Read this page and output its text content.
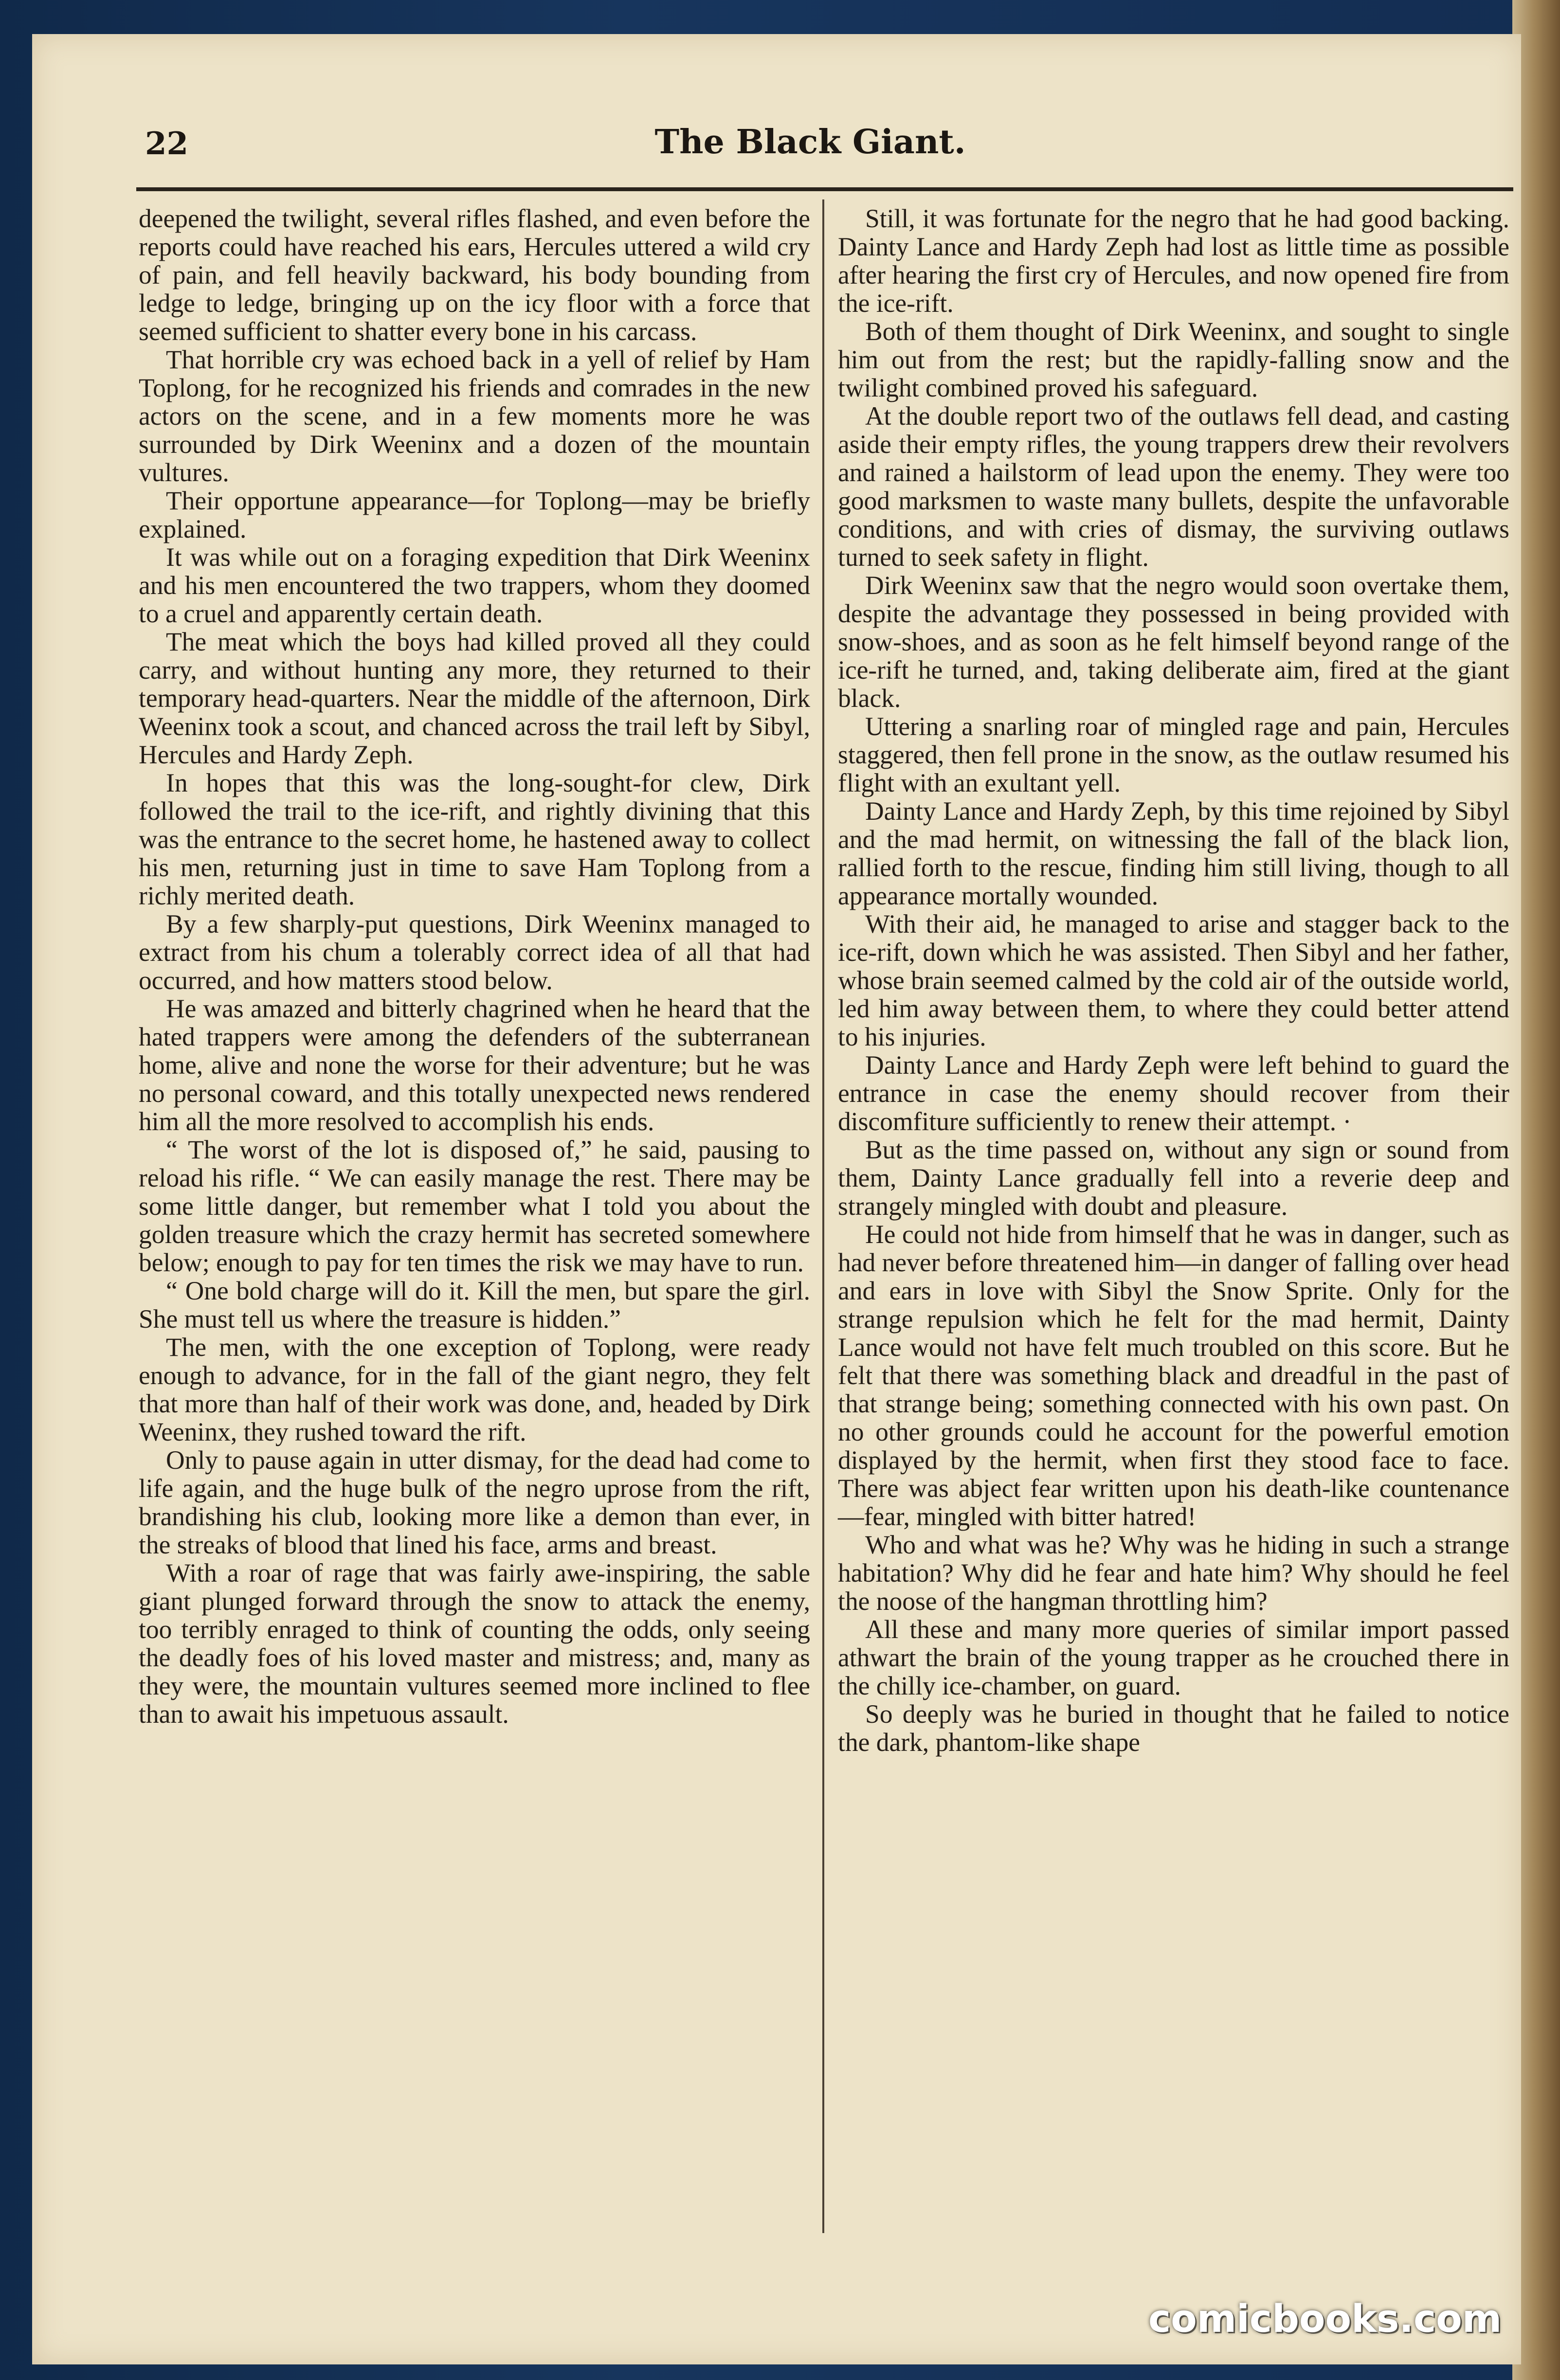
22	The Black Giant.

deepened the twilight, several rifles flashed, and even before the reports could have reached his ears, Hercules uttered a wild cry of pain, and fell heavily backward, his body bounding from ledge to ledge, bringing up on the icy floor with a force that seemed sufficient to shatter every bone in his carcass.

That horrible cry was echoed back in a yell of relief by Ham Toplong, for he recognized his friends and comrades in the new actors on the scene, and in a few moments more he was surrounded by Dirk Weeninx and a dozen of the mountain vultures.

Their opportune appearance—for Toplong—may be briefly explained.

It was while out on a foraging expedition that Dirk Weeninx and his men encountered the two trappers, whom they doomed to a cruel and apparently certain death.

The meat which the boys had killed proved all they could carry, and without hunting any more, they returned to their temporary head-quarters. Near the middle of the afternoon, Dirk Weeninx took a scout, and chanced across the trail left by Sibyl, Hercules and Hardy Zeph.

In hopes that this was the long-sought-for clew, Dirk followed the trail to the ice-rift, and rightly divining that this was the entrance to the secret home, he hastened away to collect his men, returning just in time to save Ham Toplong from a richly merited death.

By a few sharply-put questions, Dirk Weeninx managed to extract from his chum a tolerably correct idea of all that had occurred, and how matters stood below.

He was amazed and bitterly chagrined when he heard that the hated trappers were among the defenders of the subterranean home, alive and none the worse for their adventure; but he was no personal coward, and this totally unexpected news rendered him all the more resolved to accomplish his ends.

“ The worst of the lot is disposed of,” he said, pausing to reload his rifle. “ We can easily manage the rest. There may be some little danger, but remember what I told you about the golden treasure which the crazy hermit has secreted somewhere below; enough to pay for ten times the risk we may have to run.

“ One bold charge will do it. Kill the men, but spare the girl. She must tell us where the treasure is hidden.”

The men, with the one exception of Toplong, were ready enough to advance, for in the fall of the giant negro, they felt that more than half of their work was done, and, headed by Dirk Weeninx, they rushed toward the rift.

Only to pause again in utter dismay, for the dead had come to life again, and the huge bulk of the negro uprose from the rift, brandishing his club, looking more like a demon than ever, in the streaks of blood that lined his face, arms and breast.

With a roar of rage that was fairly awe-inspiring, the sable giant plunged forward through the snow to attack the enemy, too terribly enraged to think of counting the odds, only seeing the deadly foes of his loved master and mistress; and, many as they were, the mountain vultures seemed more inclined to flee than to await his impetuous assault.

Still, it was fortunate for the negro that he had good backing. Dainty Lance and Hardy Zeph had lost as little time as possible after hearing the first cry of Hercules, and now opened fire from the ice-rift.

Both of them thought of Dirk Weeninx, and sought to single him out from the rest; but the rapidly-falling snow and the twilight combined proved his safeguard.

At the double report two of the outlaws fell dead, and casting aside their empty rifles, the young trappers drew their revolvers and rained a hailstorm of lead upon the enemy. They were too good marksmen to waste many bullets, despite the unfavorable conditions, and with cries of dismay, the surviving outlaws turned to seek safety in flight.

Dirk Weeninx saw that the negro would soon overtake them, despite the advantage they possessed in being provided with snow-shoes, and as soon as he felt himself beyond range of the ice-rift he turned, and, taking deliberate aim, fired at the giant black.

Uttering a snarling roar of mingled rage and pain, Hercules staggered, then fell prone in the snow, as the outlaw resumed his flight with an exultant yell.

Dainty Lance and Hardy Zeph, by this time rejoined by Sibyl and the mad hermit, on witnessing the fall of the black lion, rallied forth to the rescue, finding him still living, though to all appearance mortally wounded.

With their aid, he managed to arise and stagger back to the ice-rift, down which he was assisted. Then Sibyl and her father, whose brain seemed calmed by the cold air of the outside world, led him away between them, to where they could better attend to his injuries.

Dainty Lance and Hardy Zeph were left behind to guard the entrance in case the enemy should recover from their discomfiture sufficiently to renew their attempt. ·

But as the time passed on, without any sign or sound from them, Dainty Lance gradually fell into a reverie deep and strangely mingled with doubt and pleasure.

He could not hide from himself that he was in danger, such as had never before threatened him—in danger of falling over head and ears in love with Sibyl the Snow Sprite. Only for the strange repulsion which he felt for the mad hermit, Dainty Lance would not have felt much troubled on this score. But he felt that there was something black and dreadful in the past of that strange being; something connected with his own past. On no other grounds could he account for the powerful emotion displayed by the hermit, when first they stood face to face. There was abject fear written upon his death-like countenance—fear, mingled with bitter hatred!

Who and what was he? Why was he hiding in such a strange habitation? Why did he fear and hate him? Why should he feel the noose of the hangman throttling him?

All these and many more queries of similar import passed athwart the brain of the young trapper as he crouched there in the chilly ice-chamber, on guard.

So deeply was he buried in thought that he failed to notice the dark, phantom-like shape

comicbooks.com
